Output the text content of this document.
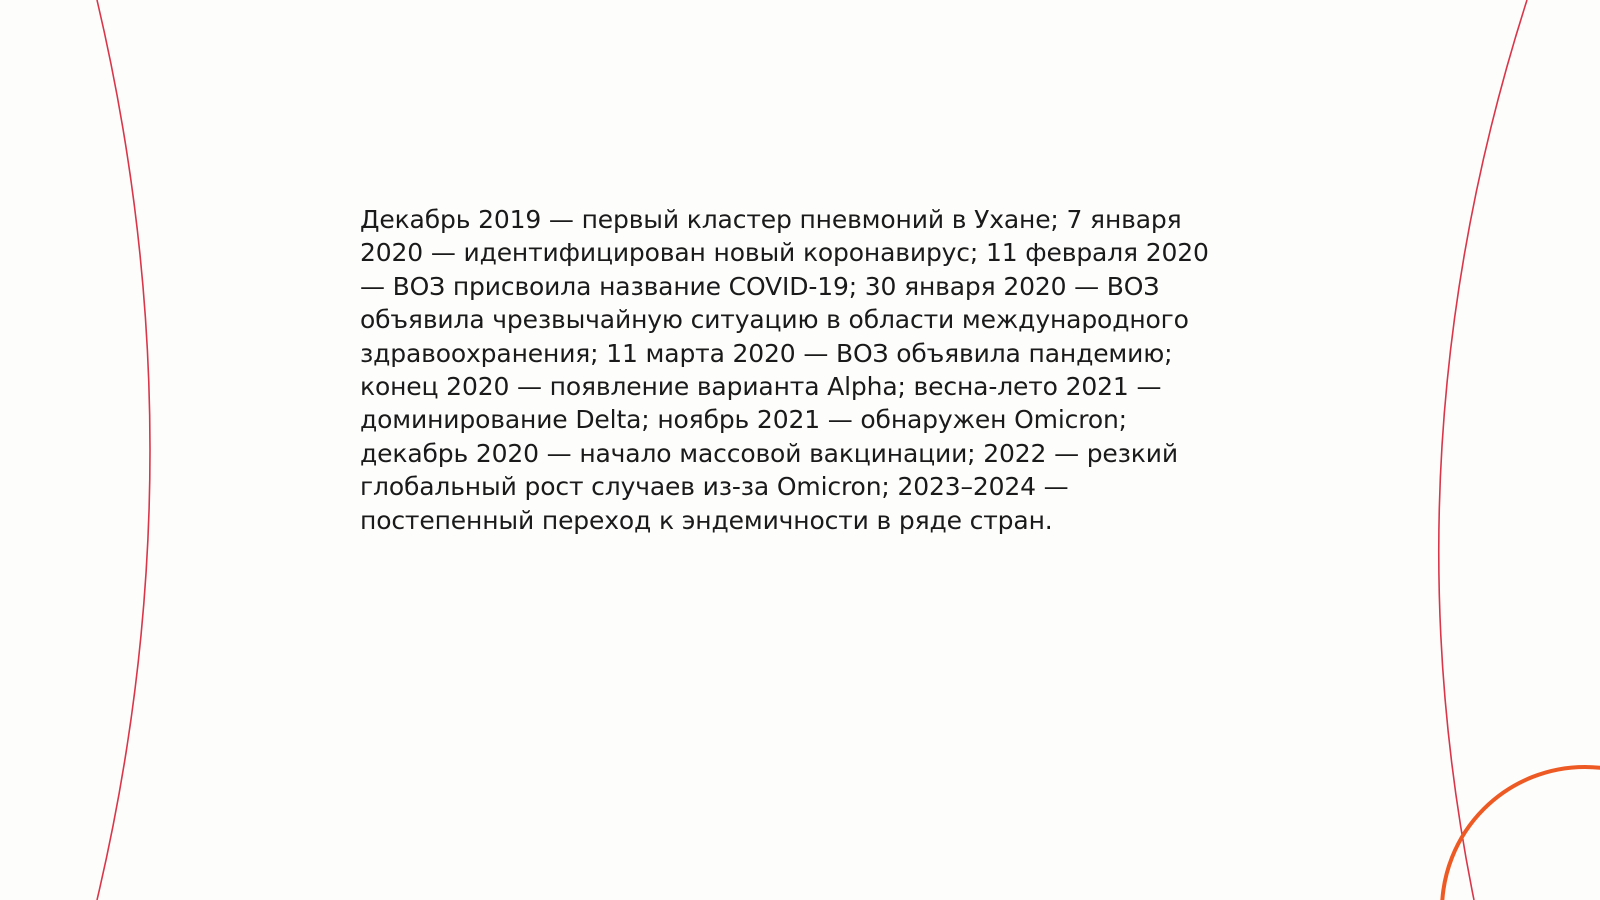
Декабрь 2019 — первый кластер пневмоний в Ухане; 7 января 2020 — идентифицирован новый коронавирус; 11 февраля 2020 — ВОЗ присвоила название COVID-19; 30 января 2020 — ВОЗ объявила чрезвычайную ситуацию в области международного здравоохранения; 11 марта 2020 — ВОЗ объявила пандемию; конец 2020 — появление варианта Alpha; весна-лето 2021 — доминирование Delta; ноябрь 2021 — обнаружен Omicron; декабрь 2020 — начало массовой вакцинации; 2022 — резкий глобальный рост случаев из-за Omicron; 2023–2024 — постепенный переход к эндемичности в ряде стран.
